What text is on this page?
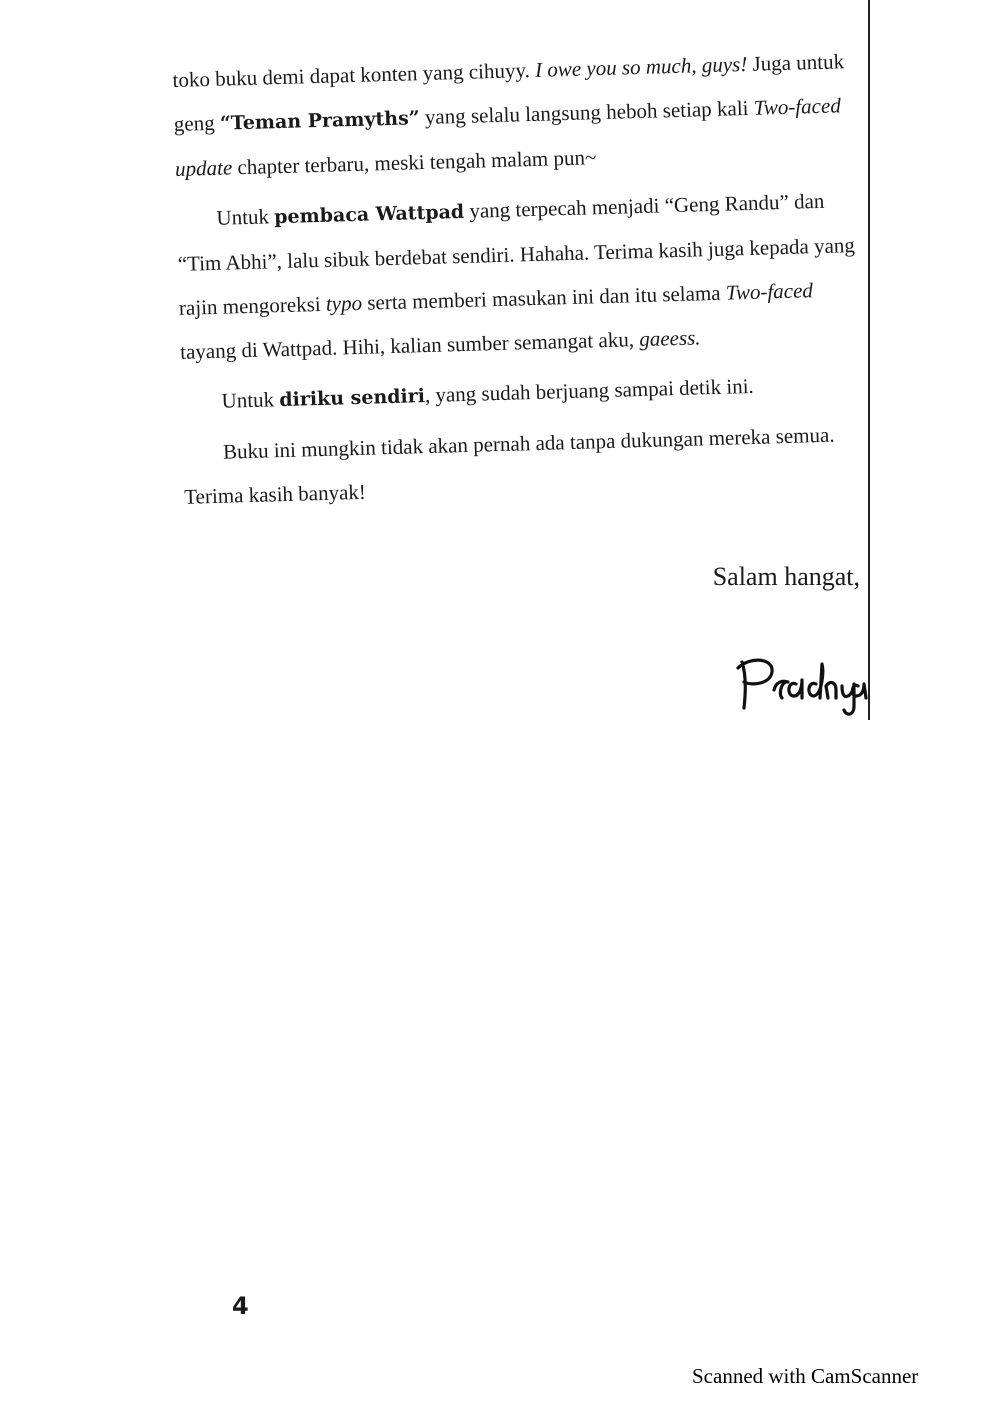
toko buku demi dapat konten yang cihuyy. I owe you so much, guys! Juga untuk geng “Teman Pramyths” yang selalu langsung heboh setiap kali Two-faced update chapter terbaru, meski tengah malam pun~

Untuk pembaca Wattpad yang terpecah menjadi “Geng Randu” dan “Tim Abhi”, lalu sibuk berdebat sendiri. Hahaha. Terima kasih juga kepada yang rajin mengoreksi typo serta memberi masukan ini dan itu selama Two-faced tayang di Wattpad. Hihi, kalian sumber semangat aku, gaeess.

Untuk diriku sendiri, yang sudah berjuang sampai detik ini.

Buku ini mungkin tidak akan pernah ada tanpa dukungan mereka semua. Terima kasih banyak!

Salam hangat,
4
Scanned with CamScanner
